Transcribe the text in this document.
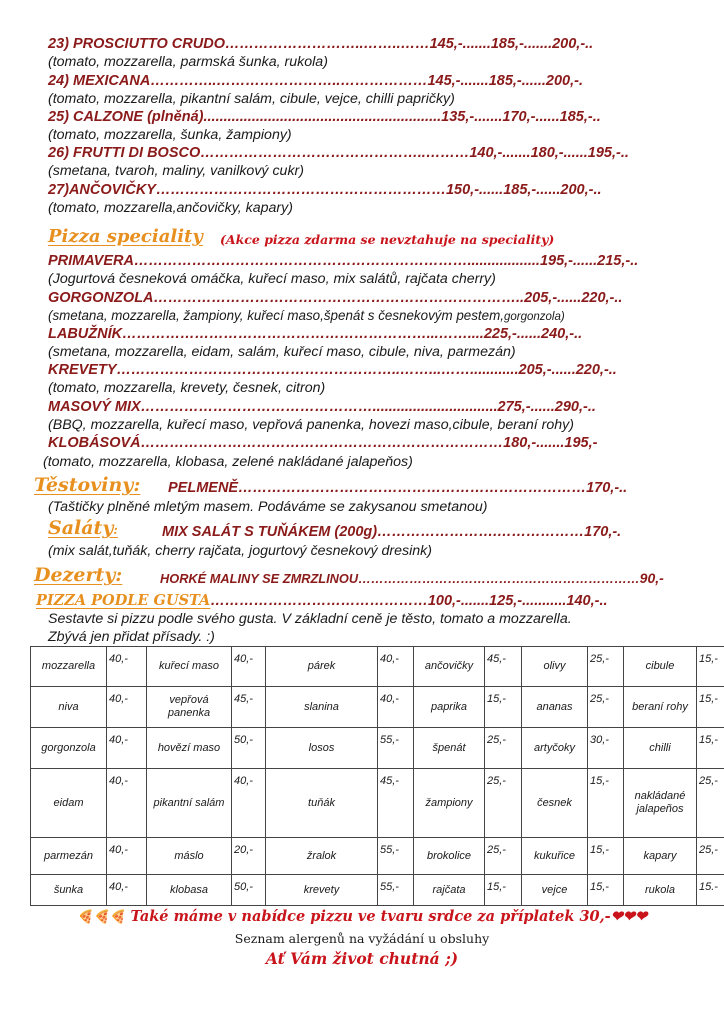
23) PROSCIUTTO CRUDO………………………..……..……145,-.......185,-.......200,-..
(tomato, mozzarella, parmská šunka, rukola)
24) MEXICANA…………..……………………..………………145,-.......185,-......200,-.
(tomato, mozzarella, pikantní salám, cibule, vejce, chilli papričky)
25) CALZONE (plněná)...........................................................135,-.......170,-......185,-..
(tomato, mozzarella, šunka, žampiony)
26) FRUTTI DI BOSCO………………………………………..………140,-.......180,-......195,-..
(smetana, tvaroh, maliny, vanilkový cukr)
27)ANČOVIČKY……………………………………………………150,-......185,-......200,-..
(tomato, mozzarella,ančovičky, kapary)
Pizza speciality (Akce pizza zdarma se nevztahuje na speciality)
PRIMAVERA……………………………………………………………..................195,-......215,-..
(Jogurtová česneková omáčka, kuřecí maso, mix salátů, rajčata cherry)
GORGONZOLA…………………………………………………………………..205,-......220,-..
(smetana, mozzarella, žampiony, kuřecí maso,špenát s česnekovým pestem,gorgonzola)
LABUŽNÍK………………………………………………………...……....225,-......240,-..
(smetana, mozzarella, eidam, salám, kuřecí maso, cibule, niva, parmezán)
KREVETY…………………………………………………..……...……............205,-......220,-..
(tomato, mozzarella, krevety, česnek, citron)
MASOVÝ MIX…………………………………………...............................275,-......290,-..
(BBQ, mozzarella, kuřecí maso, vepřová panenka, hovezi maso,cibule, beraní rohy)
KLOBÁSOVÁ…………………………………………………………………180,-.......195,-
(tomato, mozzarella, klobasa, zelené nakládané jalapeňos)
Těstoviny: PELMENĚ………………………………………………………………170,-..
(Taštičky plněné mletým masem. Podáváme se zakysanou smetanou)
Saláty:	MIX SALÁT S TUŇÁKEM (200g)…………………….………………170,-.
(mix salát,tuňák, cherry rajčata, jogurtový česnekový dresink)
Dezerty:	HORKÉ MALINY SE ZMRZLINOU…………………………………………………………90,-
PIZZA PODLE GUSTA………………………………………100,-.......125,-...........140,-..
Sestavte si pizzu podle svého gusta. V základní ceně je těsto, tomato a mozzarella.
Zbývá jen přidat přísady. :)
mozzarella	40,-	kuřecí maso	40,-	párek	40,-	ančovičky	45,-	olivy	25,-	cibule	15,-
niva	40,-	vepřová panenka	45,-	slanina	40,-	paprika	15,-	ananas	25,-	beraní rohy	15,-
gorgonzola	40,-	hovězí maso	50,-	losos	55,-	špenát	25,-	artyčoky	30,-	chilli	15,-
eidam	40,-	pikantní salám	40,-	tuňák	45,-	žampiony	25,-	česnek	15,-	nakládané jalapeños	25,-
parmezán	40,-	máslo	20,-	žralok	55,-	brokolice	25,-	kukuřice	15,-	kapary	25,-
šunka	40,-	klobasa	50,-	krevety	55,-	rajčata	15,-	vejce	15,-	rukola	15.-
🍕🍕🍕 Také máme v nabídce pizzu ve tvaru srdce za příplatek 30,-❤❤❤
Seznam alergenů na vyžádání u obsluhy
Ať Vám život chutná ;)
